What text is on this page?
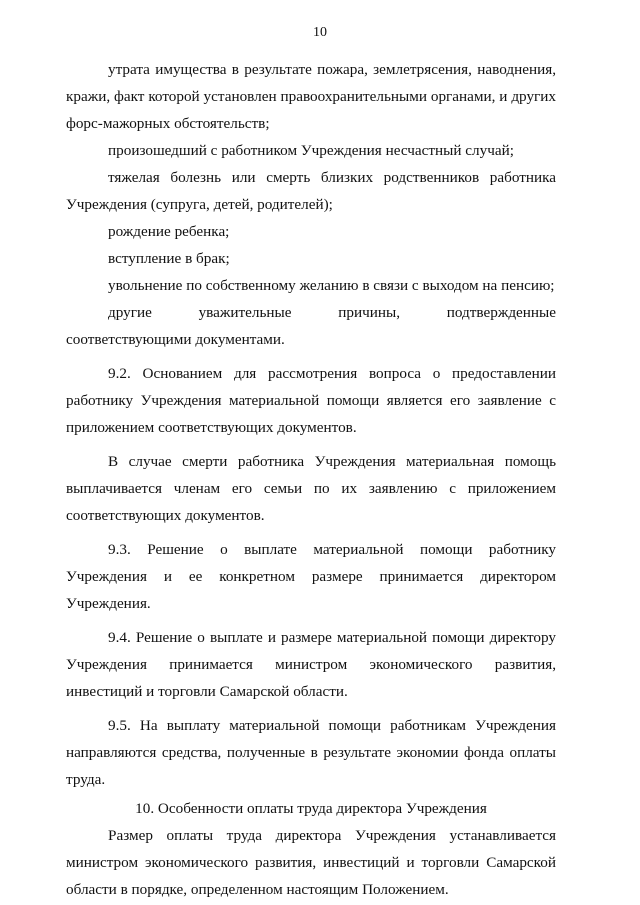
10

утрата имущества в результате пожара, землетрясения, наводнения, кражи, факт которой установлен правоохранительными органами, и других форс-мажорных обстоятельств;

произошедший с работником Учреждения несчастный случай;

тяжелая болезнь или смерть близких родственников работника Учреждения (супруга, детей, родителей);

рождение ребенка;

вступление в брак;

увольнение по собственному желанию в связи с выходом на пенсию;

другие уважительные причины, подтвержденные соответствующими документами.

9.2. Основанием для рассмотрения вопроса о предоставлении работнику Учреждения материальной помощи является его заявление с приложением соответствующих документов.

В случае смерти работника Учреждения материальная помощь выплачивается членам его семьи по их заявлению с приложением соответствующих документов.

9.3. Решение о выплате материальной помощи работнику Учреждения и ее конкретном размере принимается директором Учреждения.

9.4. Решение о выплате и размере материальной помощи директору Учреждения принимается министром экономического развития, инвестиций и торговли Самарской области.

9.5. На выплату материальной помощи работникам Учреждения направляются средства, полученные в результате экономии фонда оплаты труда.

10. Особенности оплаты труда директора Учреждения

Размер оплаты труда директора Учреждения устанавливается министром экономического развития, инвестиций и торговли Самарской области в порядке, определенном настоящим Положением.
